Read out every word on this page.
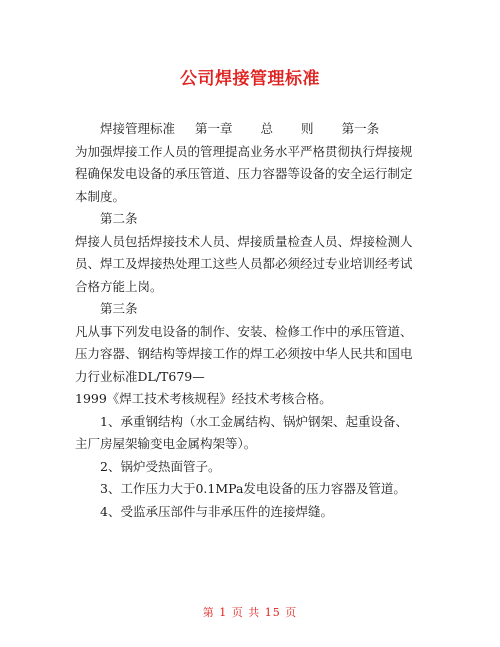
公司焊接管理标准
焊接管理标准 第一章 总 则 第一条
为加强焊接工作人员的管理提高业务水平严格贯彻执行焊接规
程确保发电设备的承压管道、压力容器等设备的安全运行制定
本制度。
第二条
焊接人员包括焊接技术人员、焊接质量检查人员、焊接检测人
员、焊工及焊接热处理工这些人员都必须经过专业培训经考试
合格方能上岗。
第三条
凡从事下列发电设备的制作、安装、检修工作中的承压管道、
压力容器、钢结构等焊接工作的焊工必须按中华人民共和国电
力行业标准DL/T679—
1999《焊工技术考核规程》经技术考核合格。
1、承重钢结构（水工金属结构、锅炉钢架、起重设备、
主厂房屋架输变电金属构架等）。
2、锅炉受热面管子。
3、工作压力大于0.1MPa发电设备的压力容器及管道。
4、受监承压部件与非承压件的连接焊缝。
第 1 页 共 15 页
